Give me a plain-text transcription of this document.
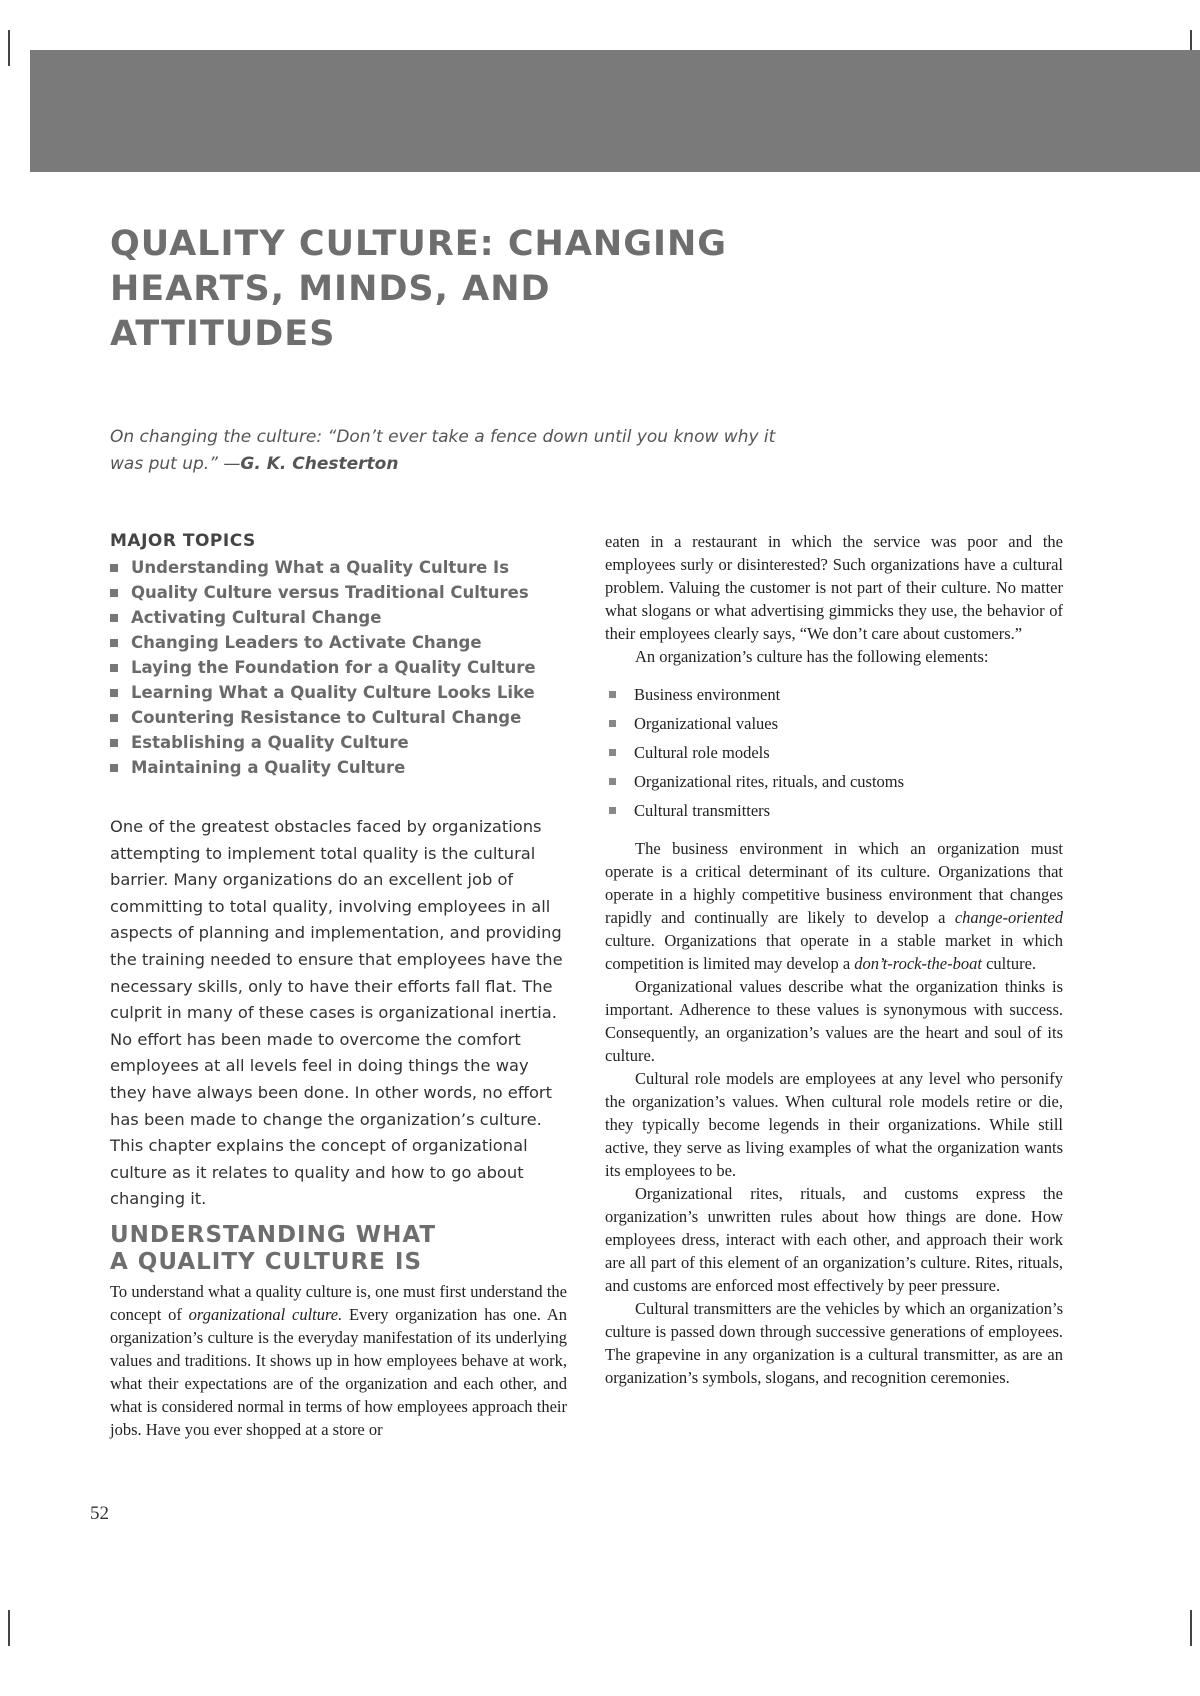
QUALITY CULTURE: CHANGING
HEARTS, MINDS, AND
ATTITUDES

On changing the culture: “Don’t ever take a fence down until you know why it was put up.” —G. K. Chesterton

MAJOR TOPICS
Understanding What a Quality Culture Is
Quality Culture versus Traditional Cultures
Activating Cultural Change
Changing Leaders to Activate Change
Laying the Foundation for a Quality Culture
Learning What a Quality Culture Looks Like
Countering Resistance to Cultural Change
Establishing a Quality Culture
Maintaining a Quality Culture

One of the greatest obstacles faced by organizations attempting to implement total quality is the cultural barrier. Many organizations do an excellent job of committing to total quality, involving employees in all aspects of planning and implementation, and providing the training needed to ensure that employees have the necessary skills, only to have their efforts fall flat. The culprit in many of these cases is organizational inertia. No effort has been made to overcome the comfort employees at all levels feel in doing things the way they have always been done. In other words, no effort has been made to change the organization’s culture. This chapter explains the concept of organizational culture as it relates to quality and how to go about changing it.

UNDERSTANDING WHAT
A QUALITY CULTURE IS

To understand what a quality culture is, one must first understand the concept of organizational culture. Every organization has one. An organization’s culture is the everyday manifestation of its underlying values and traditions. It shows up in how employees behave at work, what their expectations are of the organization and each other, and what is considered normal in terms of how employees approach their jobs. Have you ever shopped at a store or

eaten in a restaurant in which the service was poor and the employees surly or disinterested? Such organizations have a cultural problem. Valuing the customer is not part of their culture. No matter what slogans or what advertising gimmicks they use, the behavior of their employees clearly says, “We don’t care about customers.”

An organization’s culture has the following elements:

Business environment
Organizational values
Cultural role models
Organizational rites, rituals, and customs
Cultural transmitters

The business environment in which an organization must operate is a critical determinant of its culture. Organizations that operate in a highly competitive business environment that changes rapidly and continually are likely to develop a change-oriented culture. Organizations that operate in a stable market in which competition is limited may develop a don’t-rock-the-boat culture.

Organizational values describe what the organization thinks is important. Adherence to these values is synonymous with success. Consequently, an organization’s values are the heart and soul of its culture.

Cultural role models are employees at any level who personify the organization’s values. When cultural role models retire or die, they typically become legends in their organizations. While still active, they serve as living examples of what the organization wants its employees to be.

Organizational rites, rituals, and customs express the organization’s unwritten rules about how things are done. How employees dress, interact with each other, and approach their work are all part of this element of an organization’s culture. Rites, rituals, and customs are enforced most effectively by peer pressure.

Cultural transmitters are the vehicles by which an organization’s culture is passed down through successive generations of employees. The grapevine in any organization is a cultural transmitter, as are an organization’s symbols, slogans, and recognition ceremonies.

52
